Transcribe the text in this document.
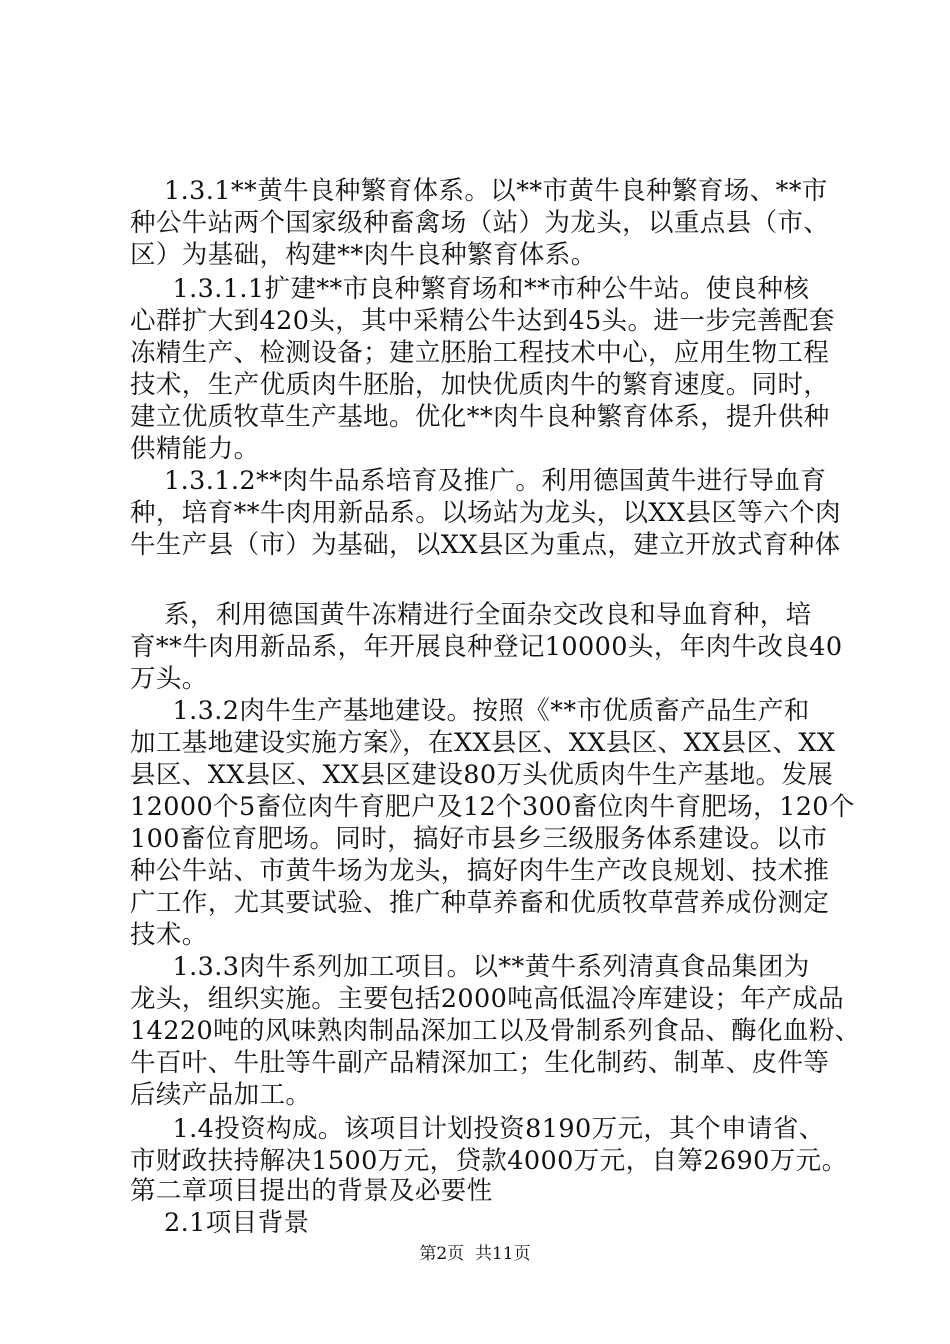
1.3.1**黄牛良种繁育体系。以**市黄牛良种繁育场、**市
种公牛站两个国家级种畜禽场（站）为龙头，以重点县（市、
区）为基础，构建**肉牛良种繁育体系。
1.3.1.1扩建**市良种繁育场和**市种公牛站。使良种核
心群扩大到420头，其中采精公牛达到45头。进一步完善配套
冻精生产、检测设备；建立胚胎工程技术中心，应用生物工程
技术，生产优质肉牛胚胎，加快优质肉牛的繁育速度。同时，
建立优质牧草生产基地。优化**肉牛良种繁育体系，提升供种
供精能力。
1.3.1.2**肉牛品系培育及推广。利用德国黄牛进行导血育
种，培育**牛肉用新品系。以场站为龙头，以XX县区等六个肉
牛生产县（市）为基础，以XX县区为重点，建立开放式育种体
系，利用德国黄牛冻精进行全面杂交改良和导血育种，培
育**牛肉用新品系，年开展良种登记10000头，年肉牛改良40
万头。
1.3.2肉牛生产基地建设。按照《**市优质畜产品生产和
加工基地建设实施方案》，在XX县区、XX县区、XX县区、XX
县区、XX县区、XX县区建设80万头优质肉牛生产基地。发展
12000个5畜位肉牛育肥户及12个300畜位肉牛育肥场，120个
100畜位育肥场。同时，搞好市县乡三级服务体系建设。以市
种公牛站、市黄牛场为龙头，搞好肉牛生产改良规划、技术推
广工作，尤其要试验、推广种草养畜和优质牧草营养成份测定
技术。
1.3.3肉牛系列加工项目。以**黄牛系列清真食品集团为
龙头，组织实施。主要包括2000吨高低温冷库建设；年产成品
14220吨的风味熟肉制品深加工以及骨制系列食品、酶化血粉、
牛百叶、牛肚等牛副产品精深加工；生化制药、制革、皮件等
后续产品加工。
1.4投资构成。该项目计划投资8190万元，其个申请省、
市财政扶持解决1500万元，贷款4000万元，自筹2690万元。
第二章项目提出的背景及必要性
2.1项目背景
第2页  共11页
